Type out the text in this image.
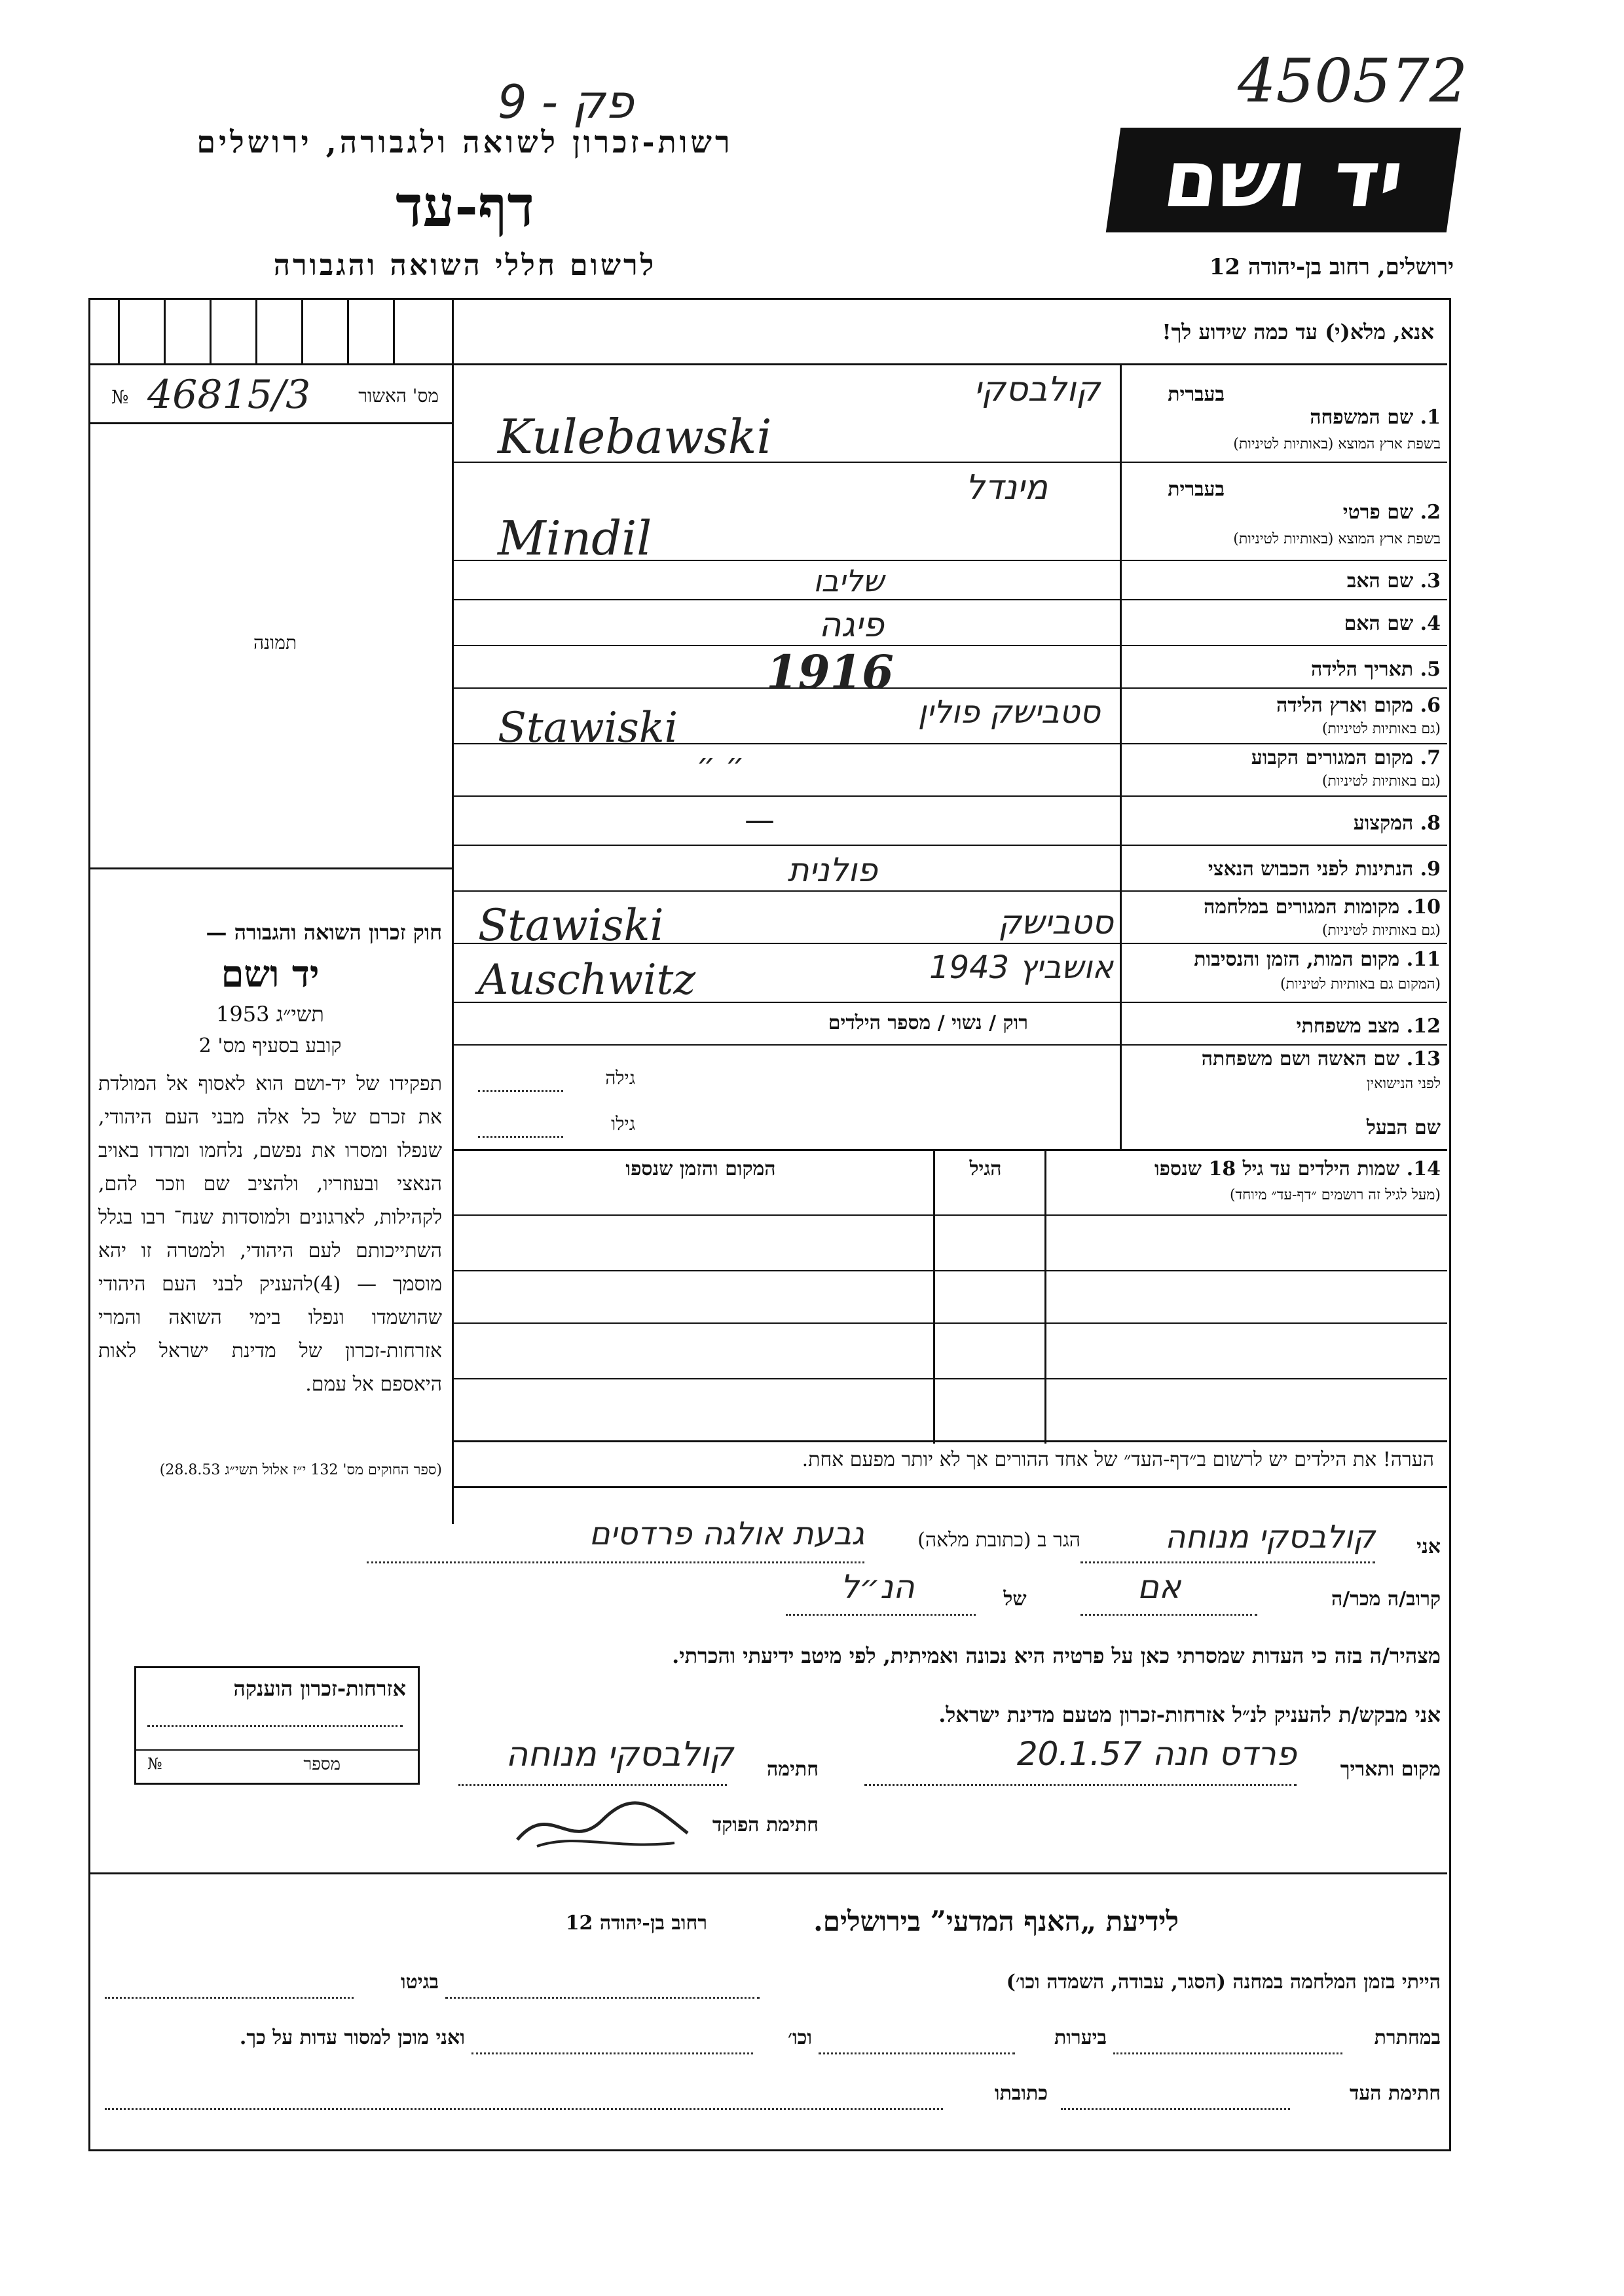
פק - 9	450572
רשות-זכרון לשואה ולגבורה, ירושלים
דף-עד
לרשום חללי השואה והגבורה
יד ושם
ירושלים, רחוב בן-יהודה 12
אנא, מלא(י) עד כמה שידוע לך!
46815/3
№	מס' האשור
תמונה
בעברית
1. שם המשפחה
בשפת ארץ המוצא (באותיות לטיניות)
קולבסקי
Kulebawski
בעברית
2. שם פרטי
בשפת ארץ המוצא (באותיות לטיניות)
מינדל
Mindil
3. שם האב
שליבו
4. שם האם
פיגה
5. תאריך הלידה
1916
6. מקום וארץ הלידה
(גם באותיות לטיניות)
סטבישק פולין
Stawiski
7. מקום המגורים הקבוע
(גם באותיות לטיניות)
״ ״
8. המקצוע
—
9. הנתינות לפני הכבוש הנאצי
פולנית
10. מקומות המגורים במלחמה
(גם באותיות לטיניות)
סטבישק
Stawiski
11. מקום המות, הזמן והנסיבות
(המקום גם באותיות לטיניות)
אושביץ 1943
Auschwitz
12. מצב משפחתי
רוק / נשוי / מספר הילדים
13. שם האשה ושם משפחתה
לפני הנישואין
גילה
שם הבעל
גילו
14. שמות הילדים עד גיל 18 שנספו
(מעל לגיל זה רושמים ״דף-עד״ מיוחד)
הגיל
המקום והזמן שנספו
הערה! את הילדים יש לרשום ב״דף-העד״ של אחד ההורים אך לא יותר מפעם אחת.
חוק זכרון השואה והגבורה —
יד ושם
תשי״ג 1953
קובע בסעיף מס' 2
תפקידו של יד-ושם הוא לאסוף אל המולדת את זכרם של כל אלה מבני העם היהודי, שנפלו ומסרו את נפשם, נלחמו ומרדו באויב הנאצי ובעוזריו, ולהציב שם וזכר להם, לקהילות, לארגונים ולמוסדות שנח־ רבו בגלל השתייכותם לעם היהודי, ולמטרה זו יהא מוסמך — (4)להעניק לבני העם היהודי שהושמדו ונפלו בימי השואה והמרי אזרחות-זכרון של מדינת ישראל לאות היאספם אל עמם.
(ספר החוקים מס' 132 י״ז אלול תשי״ג 28.8.53)
אני
קולבסקי מנוחה
הגר ב (כתובת מלאה)
גבעת אולגה פרדסים
קרוב/ה מכר/ה
אם
של
הנ״ל
מצהיר/ה בזה כי העדות שמסרתי כאן על פרטיה היא נכונה ואמיתית, לפי מיטב ידיעתי והכרתי.
אני מבקש/ת להעניק לנ״ל אזרחות-זכרון מטעם מדינת ישראל.
מקום ותאריך
פרדס חנה 20.1.57
חתימה
קולבסקי מנוחה
חתימת הפוקד
אזרחות-זכרון הוענקה
№	מספר
לידיעת „האנף המדעי” בירושלים.
רחוב בן-יהודה 12
הייתי בזמן המלחמה במחנה (הסגר, עבודה, השמדה וכו׳)
בגיטו
במחתרת
ביערות
וכו׳
ואני מוכן למסור עדות על כך.
חתימת העד
כתובתו
